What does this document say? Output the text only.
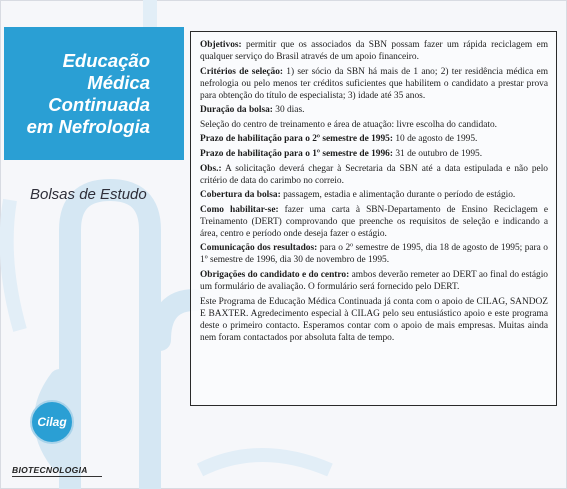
Educação
Médica
Continuada
em Nefrologia
Bolsas de Estudo

Objetivos: permitir que os associados da SBN possam fazer um rápida reciclagem em qualquer serviço do Brasil através de um apoio financeiro.

Critérios de seleção: 1) ser sócio da SBN há mais de 1 ano; 2) ter residência médica em nefrologia ou pelo menos ter créditos suficientes que habilitem o candidato a prestar prova para obtenção do título de especialista; 3) idade até 35 anos.

Duração da bolsa: 30 dias.

Seleção do centro de treinamento e área de atuação: livre escolha do candidato.

Prazo de habilitação para o 2º semestre de 1995: 10 de agosto de 1995.

Prazo de habilitação para o 1º semestre de 1996: 31 de outubro de 1995.

Obs.: A solicitação deverá chegar à Secretaria da SBN até a data estipulada e não pelo critério de data do carimbo no correio.

Cobertura da bolsa: passagem, estadia e alimentação durante o período de estágio.

Como habilitar-se: fazer uma carta à SBN-Departamento de Ensino Reciclagem e Treinamento (DERT) comprovando que preenche os requisitos de seleção e indicando a área, centro e período onde deseja fazer o estágio.

Comunicação dos resultados: para o 2º semestre de 1995, dia 18 de agosto de 1995; para o 1º semestre de 1996, dia 30 de novembro de 1995.

Obrigações do candidato e do centro: ambos deverão remeter ao DERT ao final do estágio um formulário de avaliação. O formulário será fornecido pelo DERT.

Este Programa de Educação Médica Continuada já conta com o apoio de CILAG, SANDOZ E BAXTER. Agredecimento especial à CILAG pelo seu entusiástico apoio e este programa deste o primeiro contacto. Esperamos contar com o apoio de mais empresas. Muitas ainda nem foram contactados por absoluta falta de tempo.

Cilag
BIOTECNOLOGIA
